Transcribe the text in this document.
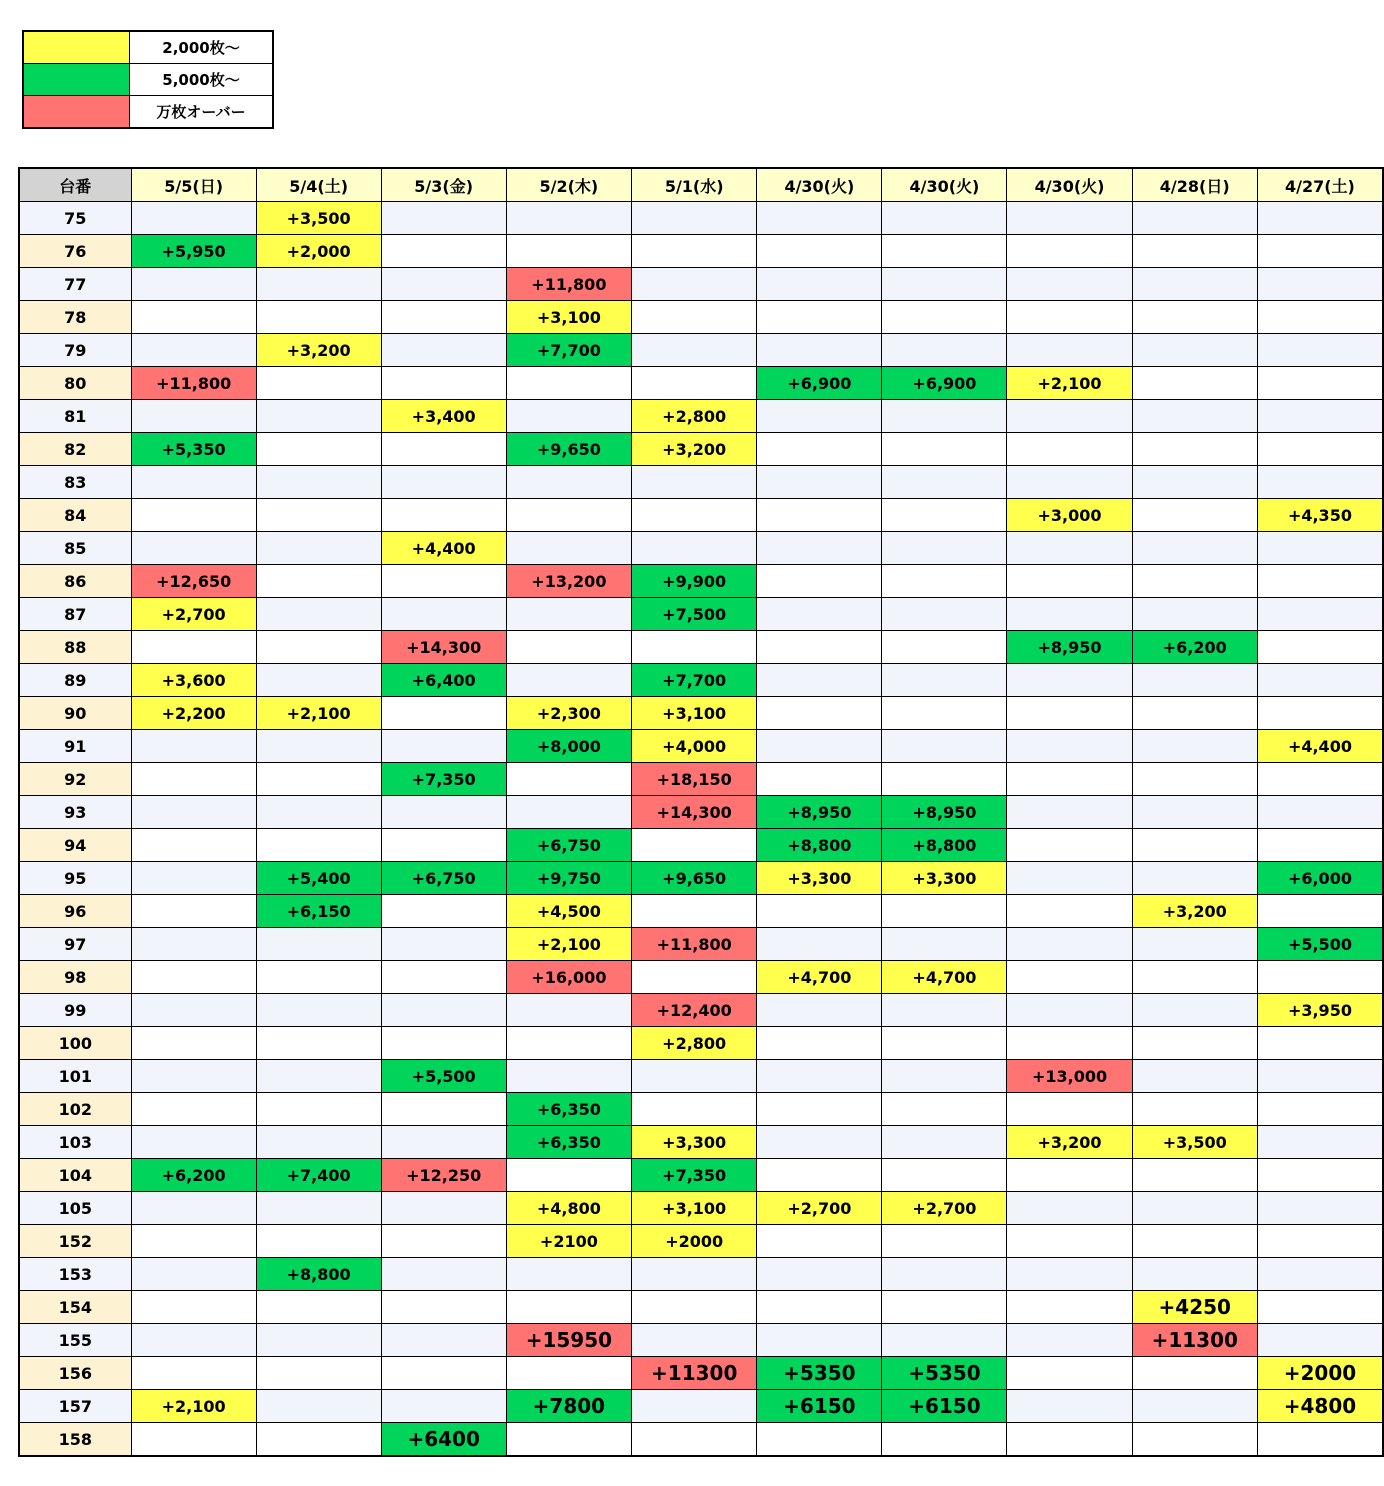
	2,000枚〜
	5,000枚〜
	万枚オーバー
台番	5/5(日)	5/4(土)	5/3(金)	5/2(木)	5/1(水)	4/30(火)	4/30(火)	4/30(火)	4/28(日)	4/27(土)
75		+3,500								
76	+5,950	+2,000								
77				+11,800						
78				+3,100						
79		+3,200		+7,700						
80	+11,800					+6,900	+6,900	+2,100		
81			+3,400		+2,800					
82	+5,350			+9,650	+3,200					
83										
84								+3,000		+4,350
85			+4,400							
86	+12,650			+13,200	+9,900					
87	+2,700				+7,500					
88			+14,300					+8,950	+6,200	
89	+3,600		+6,400		+7,700					
90	+2,200	+2,100		+2,300	+3,100					
91				+8,000	+4,000					+4,400
92			+7,350		+18,150					
93					+14,300	+8,950	+8,950			
94				+6,750		+8,800	+8,800			
95		+5,400	+6,750	+9,750	+9,650	+3,300	+3,300			+6,000
96		+6,150		+4,500					+3,200	
97				+2,100	+11,800					+5,500
98				+16,000		+4,700	+4,700			
99					+12,400					+3,950
100					+2,800					
101			+5,500					+13,000		
102				+6,350						
103				+6,350	+3,300			+3,200	+3,500	
104	+6,200	+7,400	+12,250		+7,350					
105				+4,800	+3,100	+2,700	+2,700			
152				+2100	+2000					
153		+8,800								
154									+4250	
155				+15950					+11300	
156					+11300	+5350	+5350			+2000
157	+2,100			+7800		+6150	+6150			+4800
158			+6400							
